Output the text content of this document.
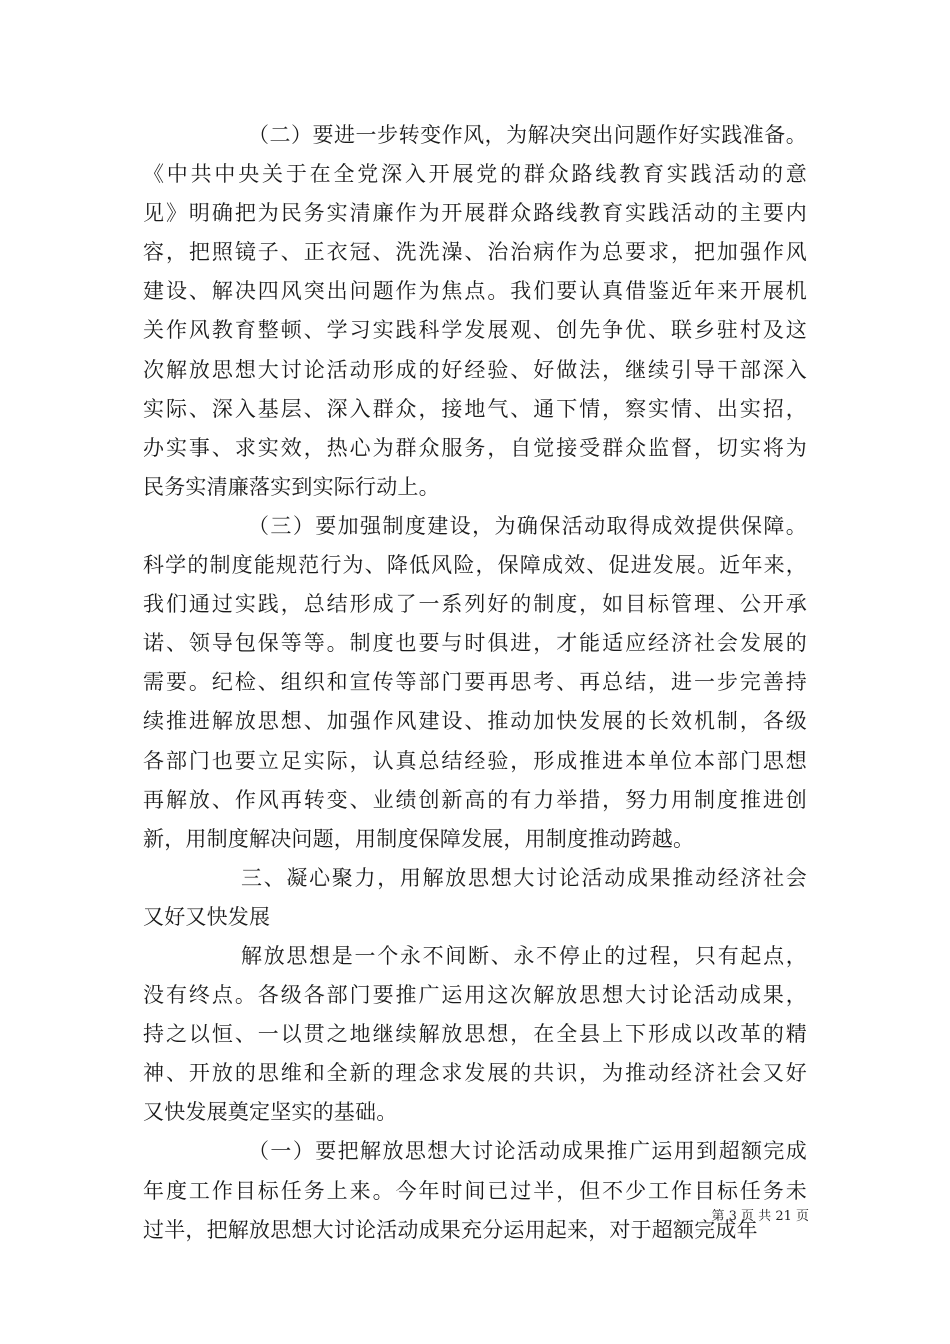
（二）要进一步转变作风，为解决突出问题作好实践准备。
《中共中央关于在全党深入开展党的群众路线教育实践活动的意
见》明确把为民务实清廉作为开展群众路线教育实践活动的主要内
容，把照镜子、正衣冠、洗洗澡、治治病作为总要求，把加强作风
建设、解决四风突出问题作为焦点。我们要认真借鉴近年来开展机
关作风教育整顿、学习实践科学发展观、创先争优、联乡驻村及这
次解放思想大讨论活动形成的好经验、好做法，继续引导干部深入
实际、深入基层、深入群众，接地气、通下情，察实情、出实招，
办实事、求实效，热心为群众服务，自觉接受群众监督，切实将为
民务实清廉落实到实际行动上。
（三）要加强制度建设，为确保活动取得成效提供保障。
科学的制度能规范行为、降低风险，保障成效、促进发展。近年来，
我们通过实践，总结形成了一系列好的制度，如目标管理、公开承
诺、领导包保等等。制度也要与时俱进，才能适应经济社会发展的
需要。纪检、组织和宣传等部门要再思考、再总结，进一步完善持
续推进解放思想、加强作风建设、推动加快发展的长效机制，各级
各部门也要立足实际，认真总结经验，形成推进本单位本部门思想
再解放、作风再转变、业绩创新高的有力举措，努力用制度推进创
新，用制度解决问题，用制度保障发展，用制度推动跨越。
三、凝心聚力，用解放思想大讨论活动成果推动经济社会
又好又快发展
解放思想是一个永不间断、永不停止的过程，只有起点，
没有终点。各级各部门要推广运用这次解放思想大讨论活动成果，
持之以恒、一以贯之地继续解放思想，在全县上下形成以改革的精
神、开放的思维和全新的理念求发展的共识，为推动经济社会又好
又快发展奠定坚实的基础。
（一）要把解放思想大讨论活动成果推广运用到超额完成
年度工作目标任务上来。今年时间已过半，但不少工作目标任务未
过半，把解放思想大讨论活动成果充分运用起来，对于超额完成年
第 3 页 共 21 页
